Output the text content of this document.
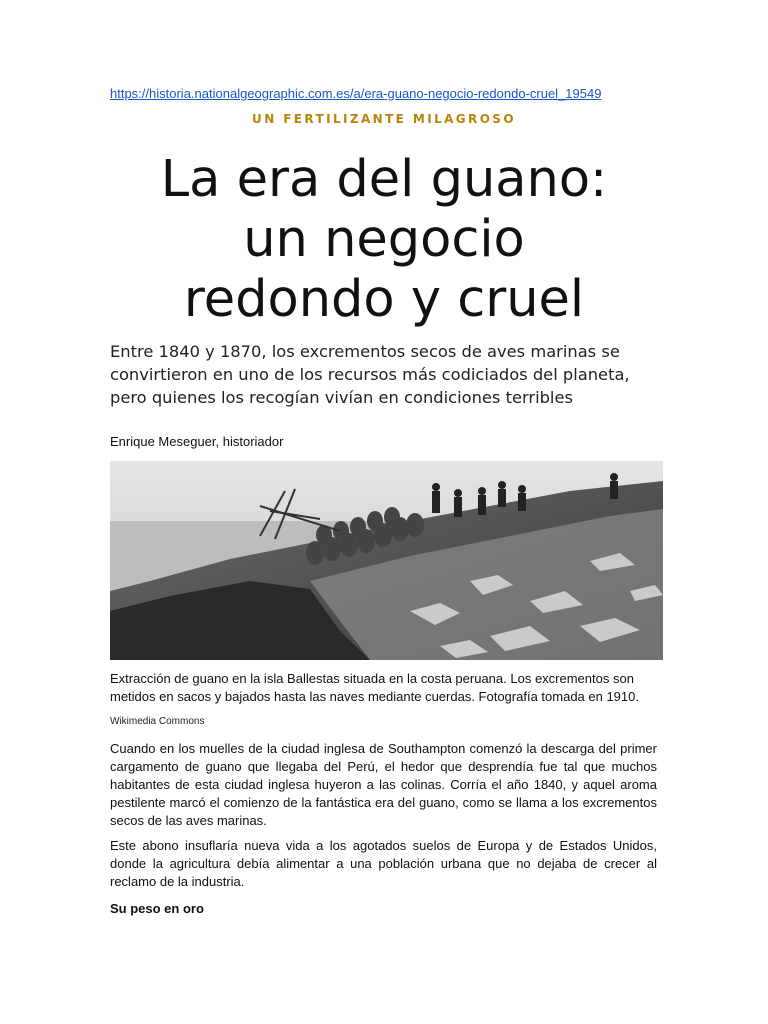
https://historia.nationalgeographic.com.es/a/era-guano-negocio-redondo-cruel_19549
UN FERTILIZANTE MILAGROSO
La era del guano:
un negocio
redondo y cruel
Entre 1840 y 1870, los excrementos secos de aves marinas se convirtieron en uno de los recursos más codiciados del planeta, pero quienes los recogían vivían en condiciones terribles
Enrique Meseguer, historiador
Extracción de guano en la isla Ballestas situada en la costa peruana. Los excrementos son metidos en sacos y bajados hasta las naves mediante cuerdas. Fotografía tomada en 1910.
Wikimedia Commons

Cuando en los muelles de la ciudad inglesa de Southampton comenzó la descarga del primer cargamento de guano que llegaba del Perú, el hedor que desprendía fue tal que muchos habitantes de esta ciudad inglesa huyeron a las colinas. Corría el año 1840, y aquel aroma pestilente marcó el comienzo de la fantástica era del guano, como se llama a los excrementos secos de las aves marinas.

Este abono insuflaría nueva vida a los agotados suelos de Europa y de Estados Unidos, donde la agricultura debía alimentar a una población urbana que no dejaba de crecer al reclamo de la industria.

Su peso en oro
